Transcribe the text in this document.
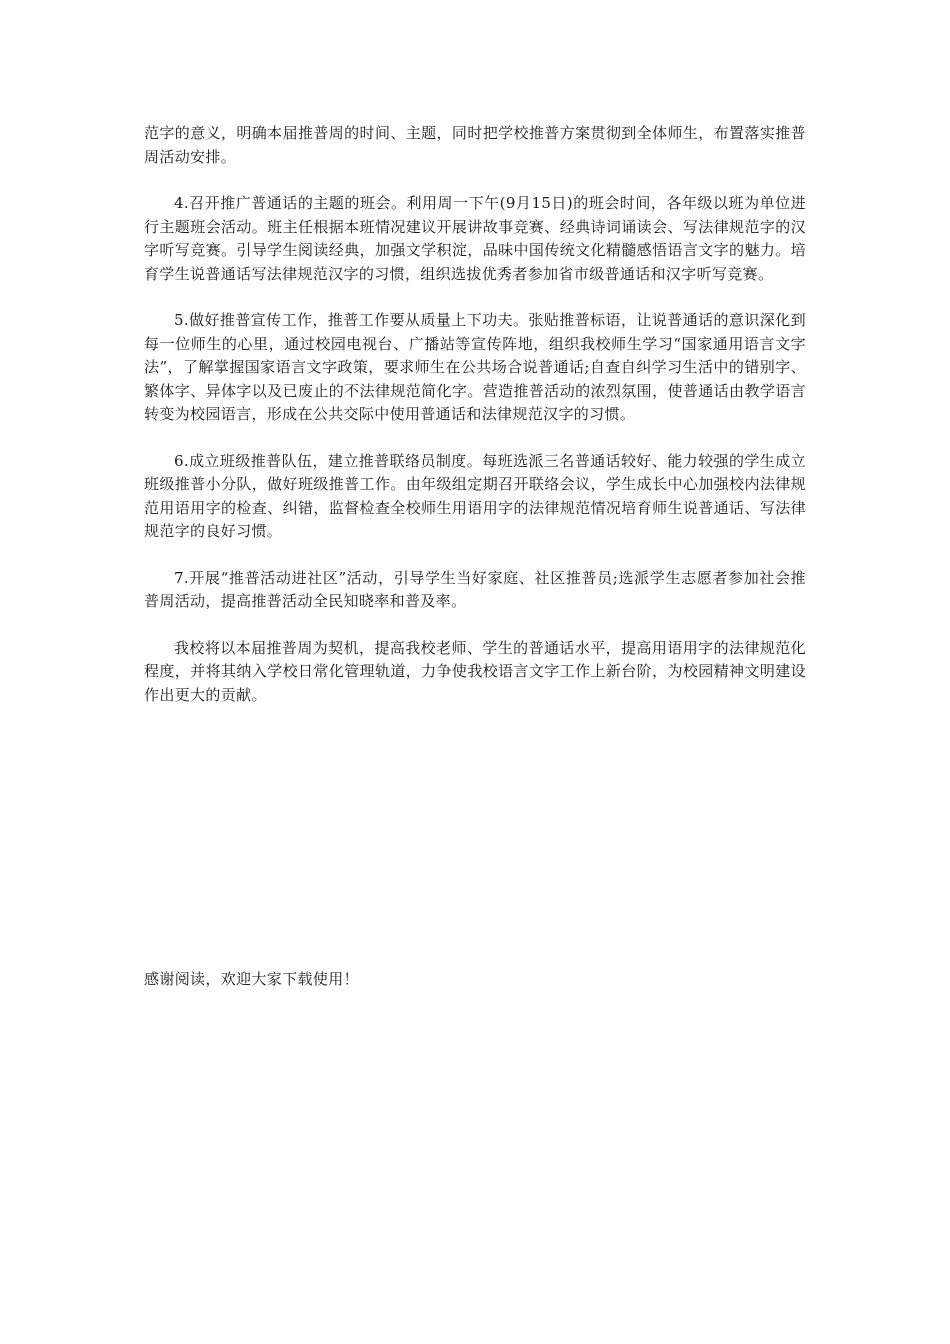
范字的意义，明确本届推普周的时间、主题，同时把学校推普方案贯彻到全体师生，布置落实推普周活动安排。

4.召开推广普通话的主题的班会。利用周一下午(9月15日)的班会时间，各年级以班为单位进行主题班会活动。班主任根据本班情况建议开展讲故事竞赛、经典诗词诵读会、写法律规范字的汉字听写竞赛。引导学生阅读经典，加强文学积淀，品味中国传统文化精髓感悟语言文字的魅力。培育学生说普通话写法律规范汉字的习惯，组织选拔优秀者参加省市级普通话和汉字听写竞赛。

5.做好推普宣传工作，推普工作要从质量上下功夫。张贴推普标语，让说普通话的意识深化到每一位师生的心里，通过校园电视台、广播站等宣传阵地，组织我校师生学习“国家通用语言文字法”，了解掌握国家语言文字政策，要求师生在公共场合说普通话;自查自纠学习生活中的错别字、繁体字、异体字以及已废止的不法律规范简化字。营造推普活动的浓烈氛围，使普通话由教学语言转变为校园语言，形成在公共交际中使用普通话和法律规范汉字的习惯。

6.成立班级推普队伍，建立推普联络员制度。每班选派三名普通话较好、能力较强的学生成立班级推普小分队，做好班级推普工作。由年级组定期召开联络会议，学生成长中心加强校内法律规范用语用字的检查、纠错，监督检查全校师生用语用字的法律规范情况培育师生说普通话、写法律规范字的良好习惯。

7.开展“推普活动进社区”活动，引导学生当好家庭、社区推普员;选派学生志愿者参加社会推普周活动，提高推普活动全民知晓率和普及率。

我校将以本届推普周为契机，提高我校老师、学生的普通话水平，提高用语用字的法律规范化程度，并将其纳入学校日常化管理轨道，力争使我校语言文字工作上新台阶，为校园精神文明建设作出更大的贡献。

感谢阅读，欢迎大家下载使用！
